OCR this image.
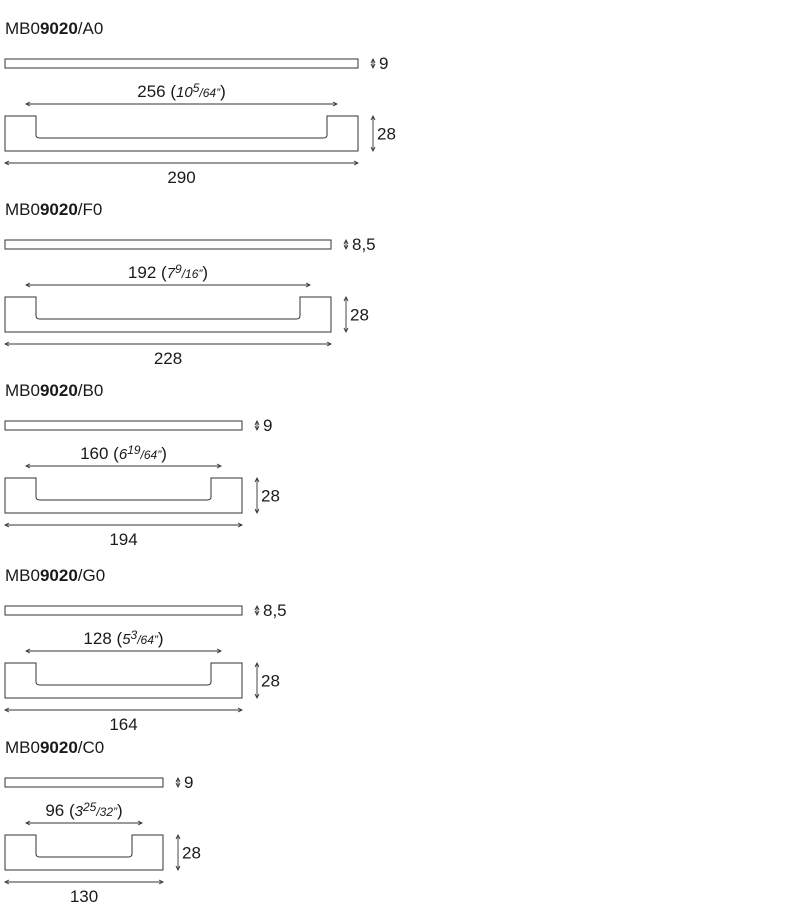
MB09020/A0
9
256 $(10^5_{/64”})$
28
290
MB09020/F0
8,5
192 $(7^9_{/16”})$
28
228
MB09020/B0
9
160 $(6^{19}_{/64”})$
28
194
MB09020/G0
8,5
128 $(5^3_{/64”})$
28
164
MB09020/C0
9
96 $(3^{25}_{/32”})$
28
130
